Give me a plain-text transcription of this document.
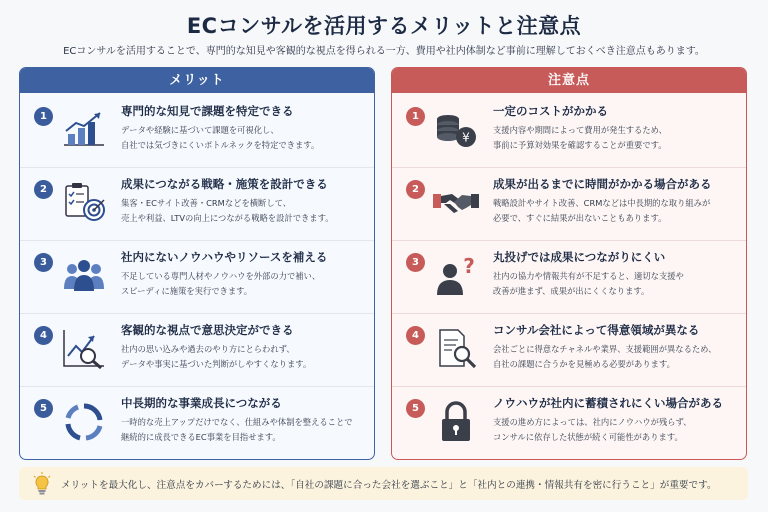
ECコンサルを活用するメリットと注意点
ECコンサルを活用することで、専門的な知見や客観的な視点を得られる一方、費用や社内体制など事前に理解しておくべき注意点もあります。
メリット
1	専門的な知見で課題を特定できる
データや経験に基づいて課題を可視化し、
自社では気づきにくいボトルネックを特定できます。
2	成果につながる戦略・施策を設計できる
集客・ECサイト改善・CRMなどを横断して、
売上や利益、LTVの向上につながる戦略を設計できます。
3	社内にないノウハウやリソースを補える
不足している専門人材やノウハウを外部の力で補い、
スピーディに施策を実行できます。
4	客観的な視点で意思決定ができる
社内の思い込みや過去のやり方にとらわれず、
データや事実に基づいた判断がしやすくなります。
5	中長期的な事業成長につながる
一時的な売上アップだけでなく、仕組みや体制を整えることで
継続的に成長できるEC事業を目指せます。
注意点
1
¥
一定のコストがかかる
支援内容や期間によって費用が発生するため、
事前に予算対効果を確認することが重要です。
2	成果が出るまでに時間がかかる場合がある
戦略設計やサイト改善、CRMなどは中長期的な取り組みが
必要で、すぐに結果が出ないこともあります。
3	? 丸投げでは成果につながりにくい
社内の協力や情報共有が不足すると、適切な支援や
改善が進まず、成果が出にくくなります。
4	コンサル会社によって得意領域が異なる
会社ごとに得意なチャネルや業界、支援範囲が異なるため、
自社の課題に合うかを見極める必要があります。
5	ノウハウが社内に蓄積されにくい場合がある
支援の進め方によっては、社内にノウハウが残らず、
コンサルに依存した状態が続く可能性があります。
メリットを最大化し、注意点をカバーするためには、「自社の課題に合った会社を選ぶこと」と「社内との連携・情報共有を密に行うこと」が重要です。
